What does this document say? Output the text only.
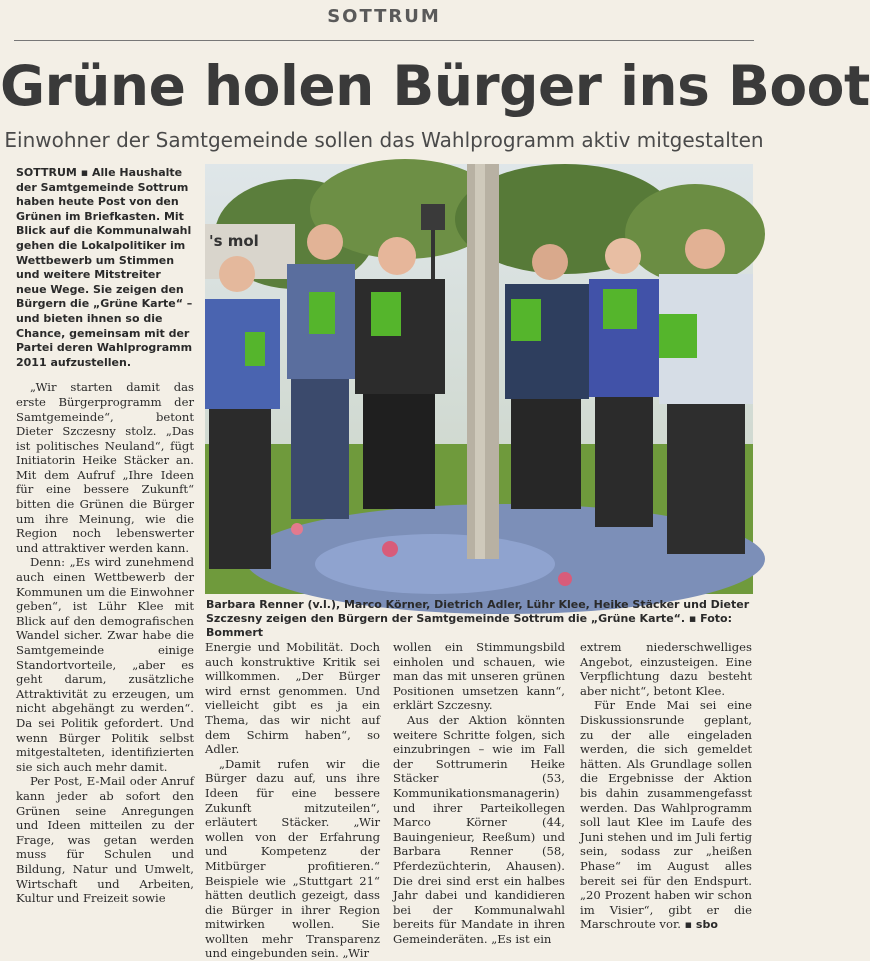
SOTTRUM
Grüne holen Bürger ins Boot
Einwohner der Samtgemeinde sollen das Wahlprogramm aktiv mitgestalten

SOTTRUM ▪ Alle Haushalte der Samtgemeinde Sottrum haben heute Post von den Grünen im Briefkasten. Mit Blick auf die Kommunalwahl gehen die Lokalpolitiker im Wettbewerb um Stimmen und weitere Mitstreiter neue Wege. Sie zeigen den Bürgern die „Grüne Karte“ – und bieten ihnen so die Chance, gemeinsam mit der Partei deren Wahlprogramm 2011 aufzustellen.

„Wir starten damit das erste Bürgerprogramm der Samtgemeinde“, betont Dieter Szczesny stolz. „Das ist politisches Neuland“, fügt Initiatorin Heike Stäcker an. Mit dem Aufruf „Ihre Ideen für eine bessere Zukunft“ bitten die Grünen die Bürger um ihre Meinung, wie die Region noch lebenswerter und attraktiver werden kann.

Denn: „Es wird zunehmend auch einen Wettbewerb der Kommunen um die Einwohner geben“, ist Lühr Klee mit Blick auf den demografischen Wandel sicher. Zwar habe die Samtgemeinde einige Standortvorteile, „aber es geht darum, zusätzliche Attraktivität zu erzeugen, um nicht abgehängt zu werden“. Da sei Politik gefordert. Und wenn Bürger Politik selbst mitgestalteten, identifizierten sie sich auch mehr damit.

Per Post, E-Mail oder Anruf kann jeder ab sofort den Grünen seine Anregungen und Ideen mitteilen zu der Frage, was getan werden muss für Schulen und Bildung, Natur und Umwelt, Wirtschaft und Arbeiten, Kultur und Freizeit sowie

's mol
Barbara Renner (v.l.), Marco Körner, Dietrich Adler, Lühr Klee, Heike Stäcker und Dieter Szczesny zeigen den Bürgern der Samtgemeinde Sottrum die „Grüne Karte“. ▪ Foto: Bommert

Energie und Mobilität. Doch auch konstruktive Kritik sei willkommen. „Der Bürger wird ernst genommen. Und vielleicht gibt es ja ein Thema, das wir nicht auf dem Schirm haben“, so Adler.

„Damit rufen wir die Bürger dazu auf, uns ihre Ideen für eine bessere Zukunft mitzuteilen“, erläutert Stäcker. „Wir wollen von der Erfahrung und Kompetenz der Mitbürger profitieren.“ Beispiele wie „Stuttgart 21“ hätten deutlich gezeigt, dass die Bürger in ihrer Region mitwirken wollen. Sie wollten mehr Transparenz und eingebunden sein. „Wir

wollen ein Stimmungsbild einholen und schauen, wie man das mit unseren grünen Positionen umsetzen kann“, erklärt Szczesny.

Aus der Aktion könnten weitere Schritte folgen, sich einzubringen – wie im Fall der Sottrumerin Heike Stäcker (53, Kommunikationsmanagerin) und ihrer Parteikollegen Marco Körner (44, Bauingenieur, Reeßum) und Barbara Renner (58, Pferdezüchterin, Ahausen). Die drei sind erst ein halbes Jahr dabei und kandidieren bei der Kommunalwahl bereits für Mandate in ihren Gemeinderäten. „Es ist ein

extrem niederschwelliges Angebot, einzusteigen. Eine Verpflichtung dazu besteht aber nicht“, betont Klee.

Für Ende Mai sei eine Diskussionsrunde geplant, zu der alle eingeladen werden, die sich gemeldet hätten. Als Grundlage sollen die Ergebnisse der Aktion bis dahin zusammengefasst werden. Das Wahlprogramm soll laut Klee im Laufe des Juni stehen und im Juli fertig sein, sodass zur „heißen Phase“ im August alles bereit sei für den Endspurt. „20 Prozent haben wir schon im Visier“, gibt er die Marschroute vor. ▪ sbo
